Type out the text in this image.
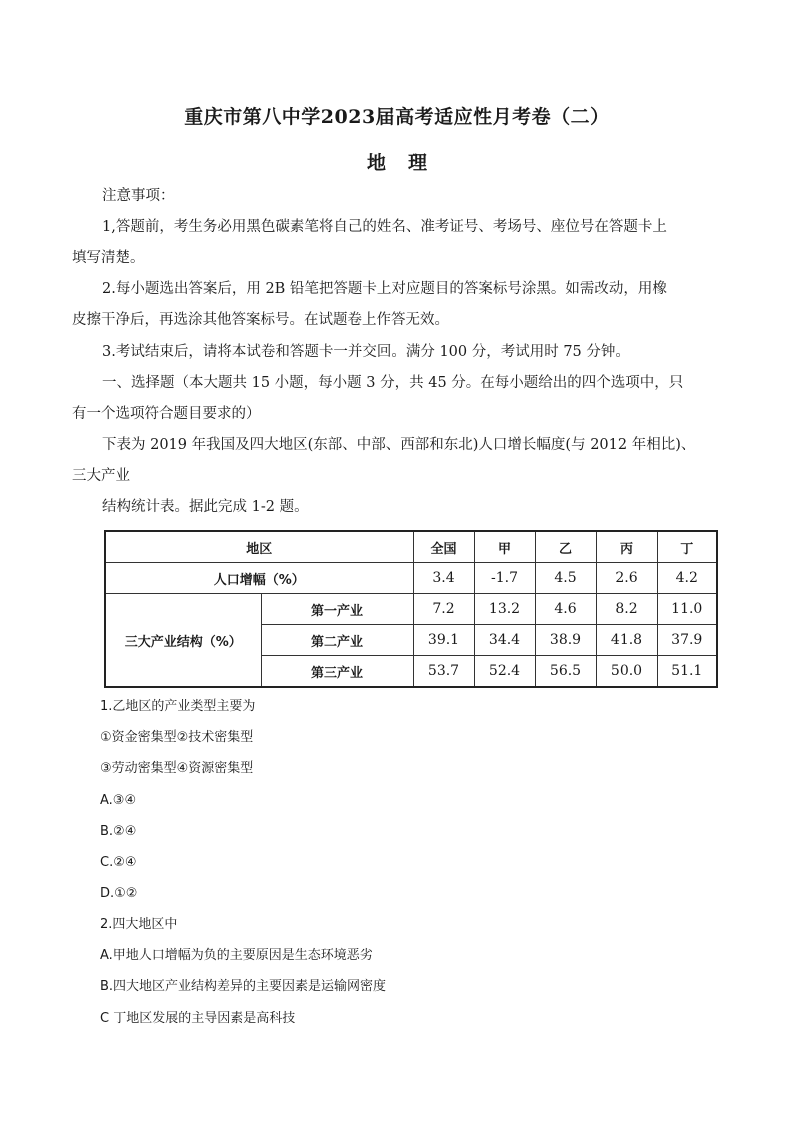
重庆市第八中学2023届高考适应性月考卷（二）
地理
注意事项：
1,答题前，考生务必用黑色碳素笔将自己的姓名、准考证号、考场号、座位号在答题卡上
填写清楚。
2.每小题选出答案后，用 2B 铅笔把答题卡上对应题目的答案标号涂黑。如需改动，用橡
皮擦干净后，再选涂其他答案标号。在试题卷上作答无效。
3.考试结束后，请将本试卷和答题卡一并交回。满分 100 分，考试用时 75 分钟。
一、选择题（本大题共 15 小题，每小题 3 分，共 45 分。在每小题给出的四个选项中，只
有一个选项符合题目要求的）
下表为 2019 年我国及四大地区(东部、中部、西部和东北)人口增长幅度(与 2012 年相比)、
三大产业
结构统计表。据此完成 1-2 题。
地区		全国	甲	乙	丙	丁
人口增幅（%）		3.4	-1.7	4.5	2.6	4.2
三大产业结构（%）	第一产业	7.2	13.2	4.6	8.2	11.0
	第二产业	39.1	34.4	38.9	41.8	37.9
	第三产业	53.7	52.4	56.5	50.0	51.1
1.乙地区的产业类型主要为
①资金密集型②技术密集型
③劳动密集型④资源密集型
A.③④
B.②④
C.②④
D.①②
2.四大地区中
A.甲地人口增幅为负的主要原因是生态环境恶劣
B.四大地区产业结构差异的主要因素是运输网密度
C 丁地区发展的主导因素是高科技
